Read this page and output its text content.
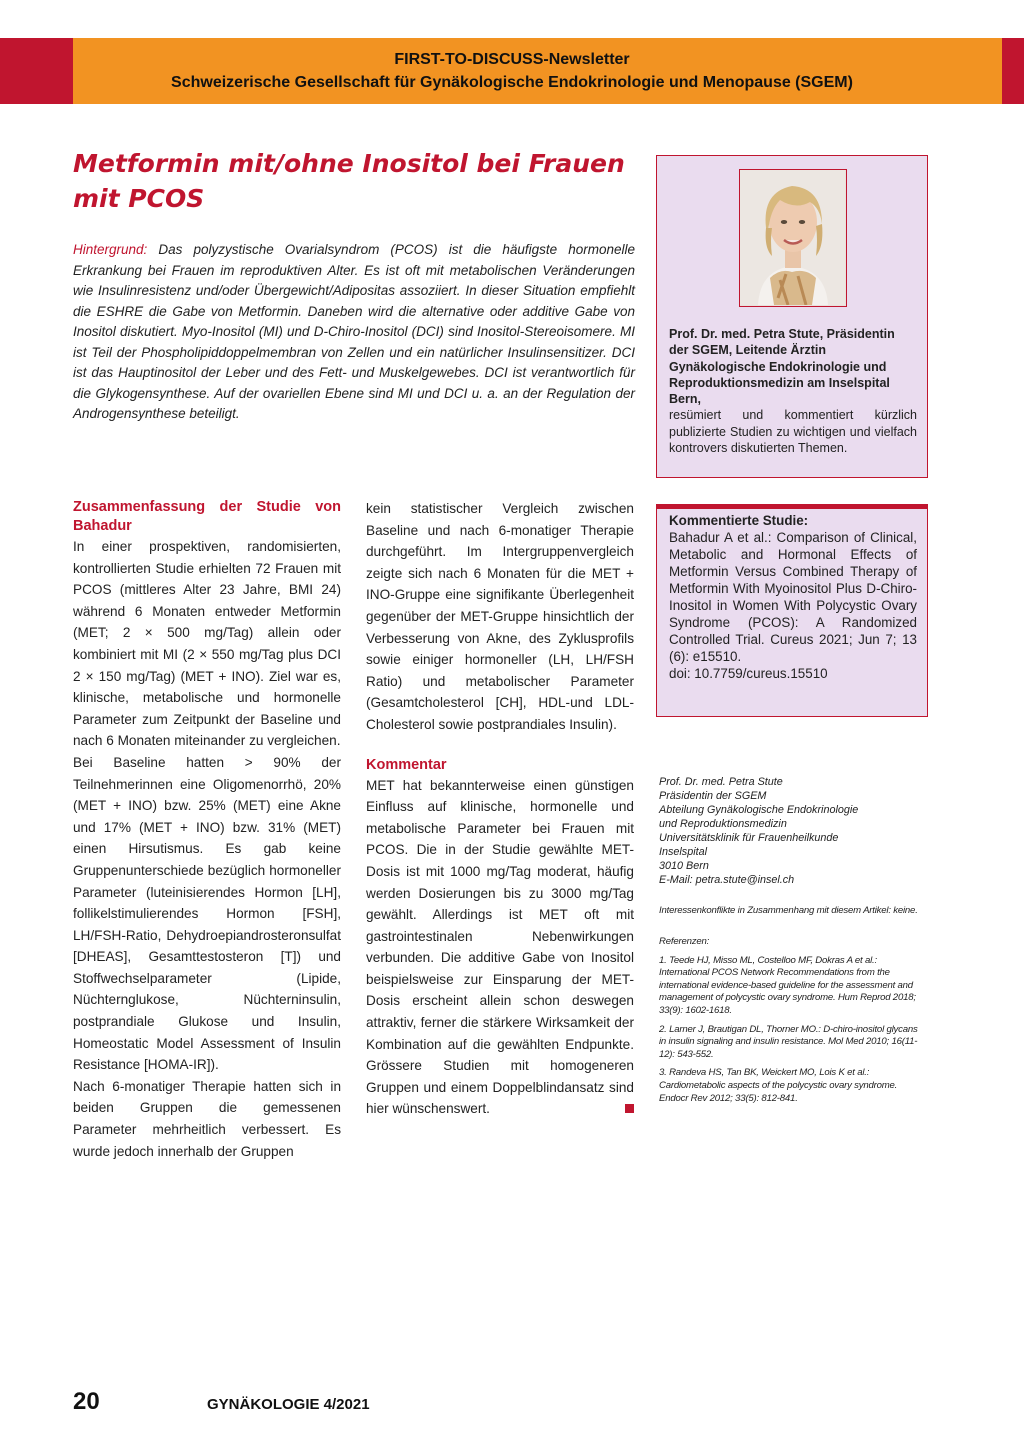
FIRST-TO-DISCUSS-Newsletter
Schweizerische Gesellschaft für Gynäkologische Endokrinologie und Menopause (SGEM)
Metformin mit/ohne Inositol bei Frauen mit PCOS

Hintergrund: Das polyzystische Ovarialsyndrom (PCOS) ist die häufigste hormonelle Erkrankung bei Frauen im reproduktiven Alter. Es ist oft mit metabolischen Veränderungen wie Insulinresistenz und/oder Übergewicht/Adipositas assoziiert. In dieser Situation empfiehlt die ESHRE die Gabe von Metformin. Daneben wird die alternative oder additive Gabe von Inositol diskutiert. Myo-Inositol (MI) und D-Chiro-Inositol (DCI) sind Inositol-Stereoisomere. MI ist Teil der Phospholipiddoppelmembran von Zellen und ein natürlicher Insulinsensitizer. DCI ist das Hauptinositol der Leber und des Fett- und Muskelgewebes. DCI ist verantwortlich für die Glykogensynthese. Auf der ovariellen Ebene sind MI und DCI u. a. an der Regulation der Androgensynthese beteiligt.

Prof. Dr. med. Petra Stute, Präsidentin der SGEM, Leitende Ärztin Gynäkologische Endokrinologie und Reproduktionsmedizin am Inselspital Bern,

resümiert und kommentiert kürzlich publizierte Studien zu wichtigen und vielfach kontrovers diskutierten Themen.

Zusammenfassung der Studie von Bahadur

In einer prospektiven, randomisierten, kontrollierten Studie erhielten 72 Frauen mit PCOS (mittleres Alter 23 Jahre, BMI 24) während 6 Monaten entweder Metformin (MET; 2 × 500 mg/Tag) allein oder kombiniert mit MI (2 × 550 mg/Tag plus DCI 2 × 150 mg/Tag) (MET + INO). Ziel war es, klinische, metabolische und hormonelle Parameter zum Zeitpunkt der Baseline und nach 6 Monaten miteinander zu vergleichen.

Bei Baseline hatten > 90% der Teilnehmerinnen eine Oligomenorrhö, 20% (MET + INO) bzw. 25% (MET) eine Akne und 17% (MET + INO) bzw. 31% (MET) einen Hirsutismus. Es gab keine Gruppenunterschiede bezüglich hormoneller Parameter (luteinisierendes Hormon [LH], follikelstimulierendes Hormon [FSH], LH/FSH-Ratio, Dehydroepiandrosteronsulfat [DHEAS], Gesamttestosteron [T]) und Stoffwechselparameter (Lipide, Nüchternglukose, Nüchterninsulin, postprandiale Glukose und Insulin, Homeostatic Model Assessment of Insulin Resistance [HOMA-IR]).

Nach 6-monatiger Therapie hatten sich in beiden Gruppen die gemessenen Parameter mehrheitlich verbessert. Es wurde jedoch innerhalb der Gruppen

kein statistischer Vergleich zwischen Baseline und nach 6-monatiger Therapie durchgeführt. Im Intergruppenvergleich zeigte sich nach 6 Monaten für die MET + INO-Gruppe eine signifikante Überlegenheit gegenüber der MET-Gruppe hinsichtlich der Verbesserung von Akne, des Zyklusprofils sowie einiger hormoneller (LH, LH/FSH Ratio) und metabolischer Parameter (Gesamtcholesterol [CH], HDL-und LDL-Cholesterol sowie postprandiales Insulin).

Kommentar

MET hat bekannterweise einen günstigen Einfluss auf klinische, hormonelle und metabolische Parameter bei Frauen mit PCOS. Die in der Studie gewählte MET-Dosis ist mit 1000 mg/Tag moderat, häufig werden Dosierungen bis zu 3000 mg/Tag gewählt. Allerdings ist MET oft mit gastrointestinalen Nebenwirkungen verbunden. Die additive Gabe von Inositol beispielsweise zur Einsparung der MET-Dosis erscheint allein schon deswegen attraktiv, ferner die stärkere Wirksamkeit der Kombination auf die gewählten Endpunkte. Grössere Studien mit homogeneren Gruppen und einem Doppelblindansatz sind hier wünschenswert.

Kommentierte Studie:

Bahadur A et al.: Comparison of Clinical, Metabolic and Hormonal Effects of Metformin Versus Combined Therapy of Metformin With Myoinositol Plus D-Chiro-Inositol in Women With Polycystic Ovary Syndrome (PCOS): A Randomized Controlled Trial. Cureus 2021; Jun 7; 13 (6): e15510.

doi: 10.7759/cureus.15510

Prof. Dr. med. Petra Stute

Präsidentin der SGEM

Abteilung Gynäkologische Endokrinologie

und Reproduktionsmedizin

Universitätsklinik für Frauenheilkunde

Inselspital

3010 Bern

E-Mail: petra.stute@insel.ch

Interessenkonflikte in Zusammenhang mit diesem Artikel: keine.

Referenzen:

1. Teede HJ, Misso ML, Costelloo MF, Dokras A et al.: International PCOS Network Recommendations from the international evidence-based guideline for the assessment and management of polycystic ovary syndrome. Hum Reprod 2018; 33(9): 1602-1618.

2. Larner J, Brautigan DL, Thorner MO.: D-chiro-inositol glycans in insulin signaling and insulin resistance. Mol Med 2010; 16(11-12): 543-552.

3. Randeva HS, Tan BK, Weickert MO, Lois K et al.: Cardiometabolic aspects of the polycystic ovary syndrome. Endocr Rev 2012; 33(5): 812-841.

20	GYNÄKOLOGIE 4/2021
